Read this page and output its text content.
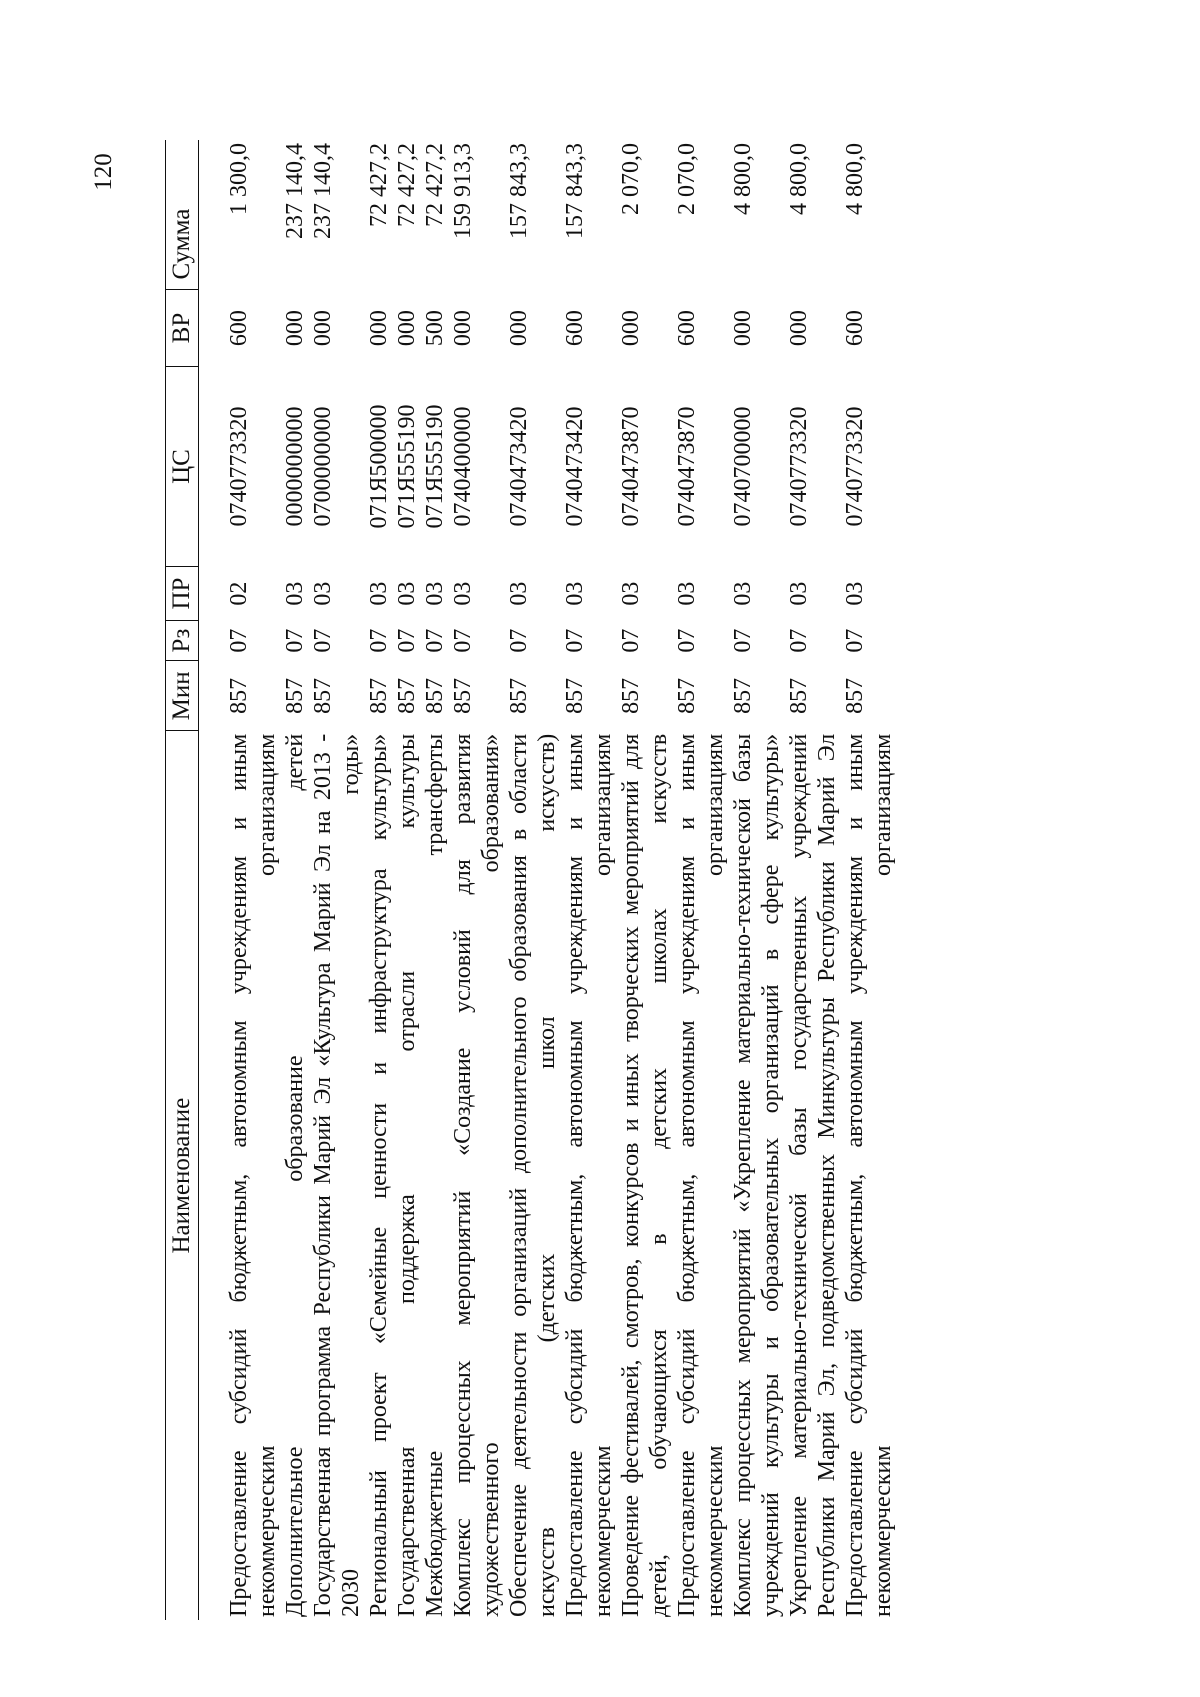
120
Наименование	Мин	Рз	ПР	ЦС	ВР	Сумма
Предоставление субсидий бюджетным, автономным учреждениям и иным некоммерческим организациям	857	07	02	0740773320	600	1 300,0
Дополнительное образование детей	857	07	03	0000000000	000	237 140,4
Государственная программа Республики Марий Эл «Культура Марий Эл на 2013 - 2030 годы»	857	07	03	0700000000	000	237 140,4
Региональный проект «Семейные ценности и инфраструктура культуры»	857	07	03	071Я500000	000	72 427,2
Государственная поддержка отрасли культуры	857	07	03	071Я555190	000	72 427,2
Межбюджетные трансферты	857	07	03	071Я555190	500	72 427,2
Комплекс процессных мероприятий «Создание условий для развития художественного образования»	857	07	03	0740400000	000	159 913,3
Обеспечение деятельности организаций дополнительного образования в области искусств (детских школ искусств)	857	07	03	0740473420	000	157 843,3
Предоставление субсидий бюджетным, автономным учреждениям и иным некоммерческим организациям	857	07	03	0740473420	600	157 843,3
Проведение фестивалей, смотров, конкурсов и иных творческих мероприятий для детей, обучающихся в детских школах искусств	857	07	03	0740473870	000	2 070,0
Предоставление субсидий бюджетным, автономным учреждениям и иным некоммерческим организациям	857	07	03	0740473870	600	2 070,0
Комплекс процессных мероприятий «Укрепление материально-технической базы учреждений культуры и образовательных организаций в сфере культуры»	857	07	03	0740700000	000	4 800,0
Укрепление материально-технической базы государственных учреждений Республики Марий Эл, подведомственных Минкультуры Республики Марий Эл	857	07	03	0740773320	000	4 800,0
Предоставление субсидий бюджетным, автономным учреждениям и иным некоммерческим организациям	857	07	03	0740773320	600	4 800,0
